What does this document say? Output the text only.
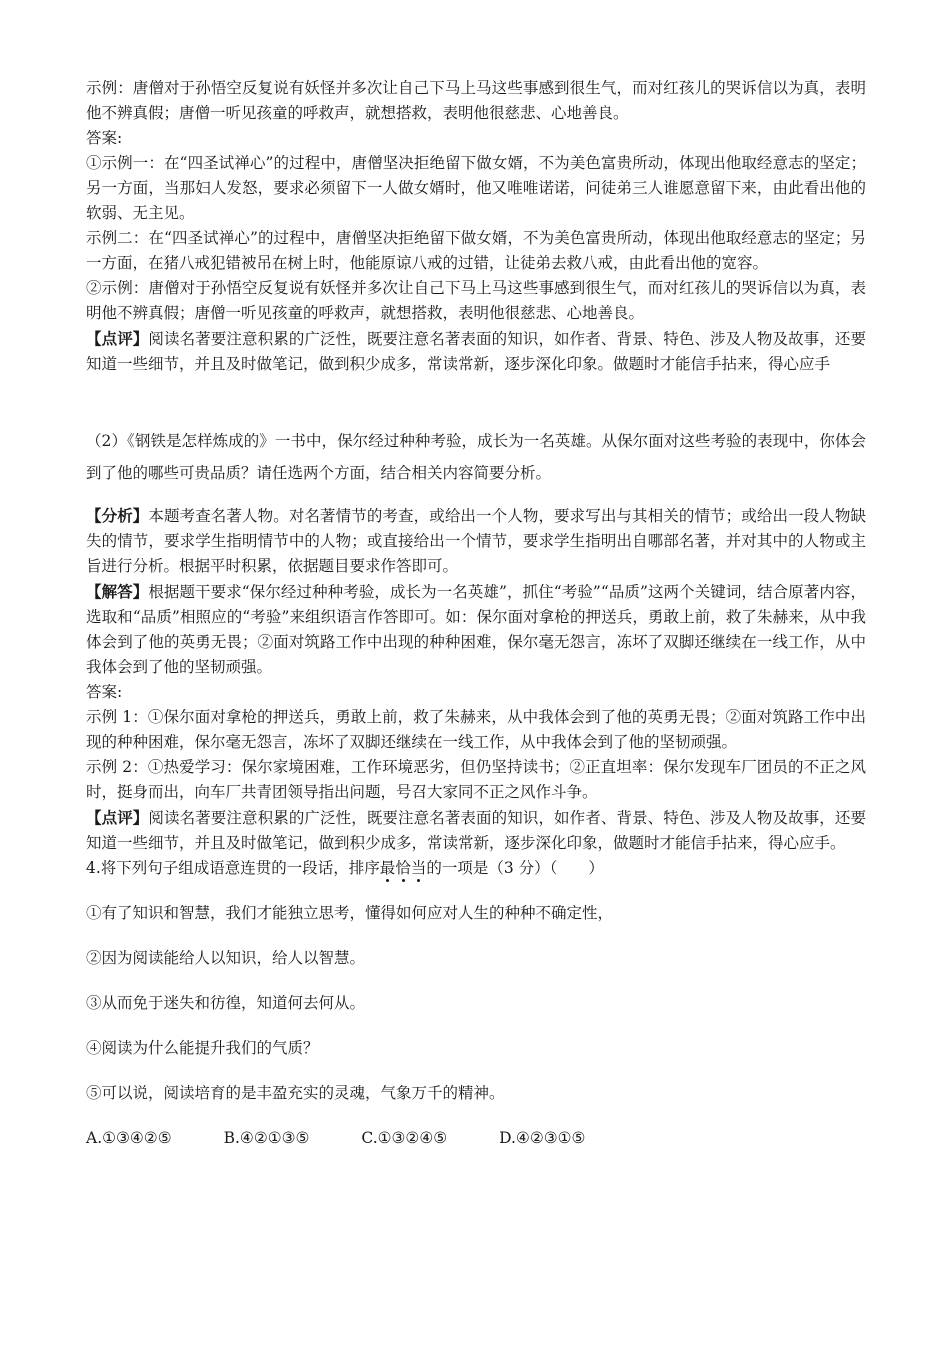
示例：唐僧对于孙悟空反复说有妖怪并多次让自己下马上马这些事感到很生气，而对红孩儿的哭诉信以为真，表明他不辨真假；唐僧一听见孩童的呼救声，就想搭救，表明他很慈悲、心地善良。

答案:

①示例一：在“四圣试禅心”的过程中，唐僧坚决拒绝留下做女婿，不为美色富贵所动，体现出他取经意志的坚定；另一方面，当那妇人发怒，要求必须留下一人做女婿时，他又唯唯诺诺，问徒弟三人谁愿意留下来，由此看出他的软弱、无主见。

示例二：在“四圣试禅心”的过程中，唐僧坚决拒绝留下做女婿，不为美色富贵所动，体现出他取经意志的坚定；另一方面，在猪八戒犯错被吊在树上时，他能原谅八戒的过错，让徒弟去救八戒，由此看出他的宽容。

②示例：唐僧对于孙悟空反复说有妖怪并多次让自己下马上马这些事感到很生气，而对红孩儿的哭诉信以为真，表明他不辨真假；唐僧一听见孩童的呼救声，就想搭救，表明他很慈悲、心地善良。

【点评】阅读名著要注意积累的广泛性，既要注意名著表面的知识，如作者、背景、特色、涉及人物及故事，还要知道一些细节，并且及时做笔记，做到积少成多，常读常新，逐步深化印象。做题时才能信手拈来，得心应手

（2）《钢铁是怎样炼成的》一书中，保尔经过种种考验，成长为一名英雄。从保尔面对这些考验的表现中，你体会到了他的哪些可贵品质？请任选两个方面，结合相关内容简要分析。

【分析】本题考查名著人物。对名著情节的考查，或给出一个人物，要求写出与其相关的情节；或给出一段人物缺失的情节，要求学生指明情节中的人物；或直接给出一个情节，要求学生指明出自哪部名著，并对其中的人物或主旨进行分析。根据平时积累，依据题目要求作答即可。

【解答】根据题干要求“保尔经过种种考验，成长为一名英雄”，抓住“考验”“品质”这两个关键词，结合原著内容，选取和“品质”相照应的“考验”来组织语言作答即可。如：保尔面对拿枪的押送兵，勇敢上前，救了朱赫来，从中我体会到了他的英勇无畏；②面对筑路工作中出现的种种困难，保尔毫无怨言，冻坏了双脚还继续在一线工作，从中我体会到了他的坚韧顽强。

答案:

示例 1：①保尔面对拿枪的押送兵，勇敢上前，救了朱赫来，从中我体会到了他的英勇无畏；②面对筑路工作中出现的种种困难，保尔毫无怨言，冻坏了双脚还继续在一线工作，从中我体会到了他的坚韧顽强。

示例 2：①热爱学习：保尔家境困难，工作环境恶劣，但仍坚持读书；②正直坦率：保尔发现车厂团员的不正之风时，挺身而出，向车厂共青团领导指出问题，号召大家同不正之风作斗争。

【点评】阅读名著要注意积累的广泛性，既要注意名著表面的知识，如作者、背景、特色、涉及人物及故事，还要知道一些细节，并且及时做笔记，做到积少成多，常读常新，逐步深化印象，做题时才能信手拈来，得心应手。

4.将下列句子组成语意连贯的一段话，排序最恰当的一项是（3 分）（　　）

①有了知识和智慧，我们才能独立思考，懂得如何应对人生的种种不确定性，

②因为阅读能给人以知识，给人以智慧。

③从而免于迷失和彷徨，知道何去何从。

④阅读为什么能提升我们的气质？

⑤可以说，阅读培育的是丰盈充实的灵魂，气象万千的精神。

A.①③④②⑤	B.④②①③⑤	C.①③②④⑤	D.④②③①⑤
